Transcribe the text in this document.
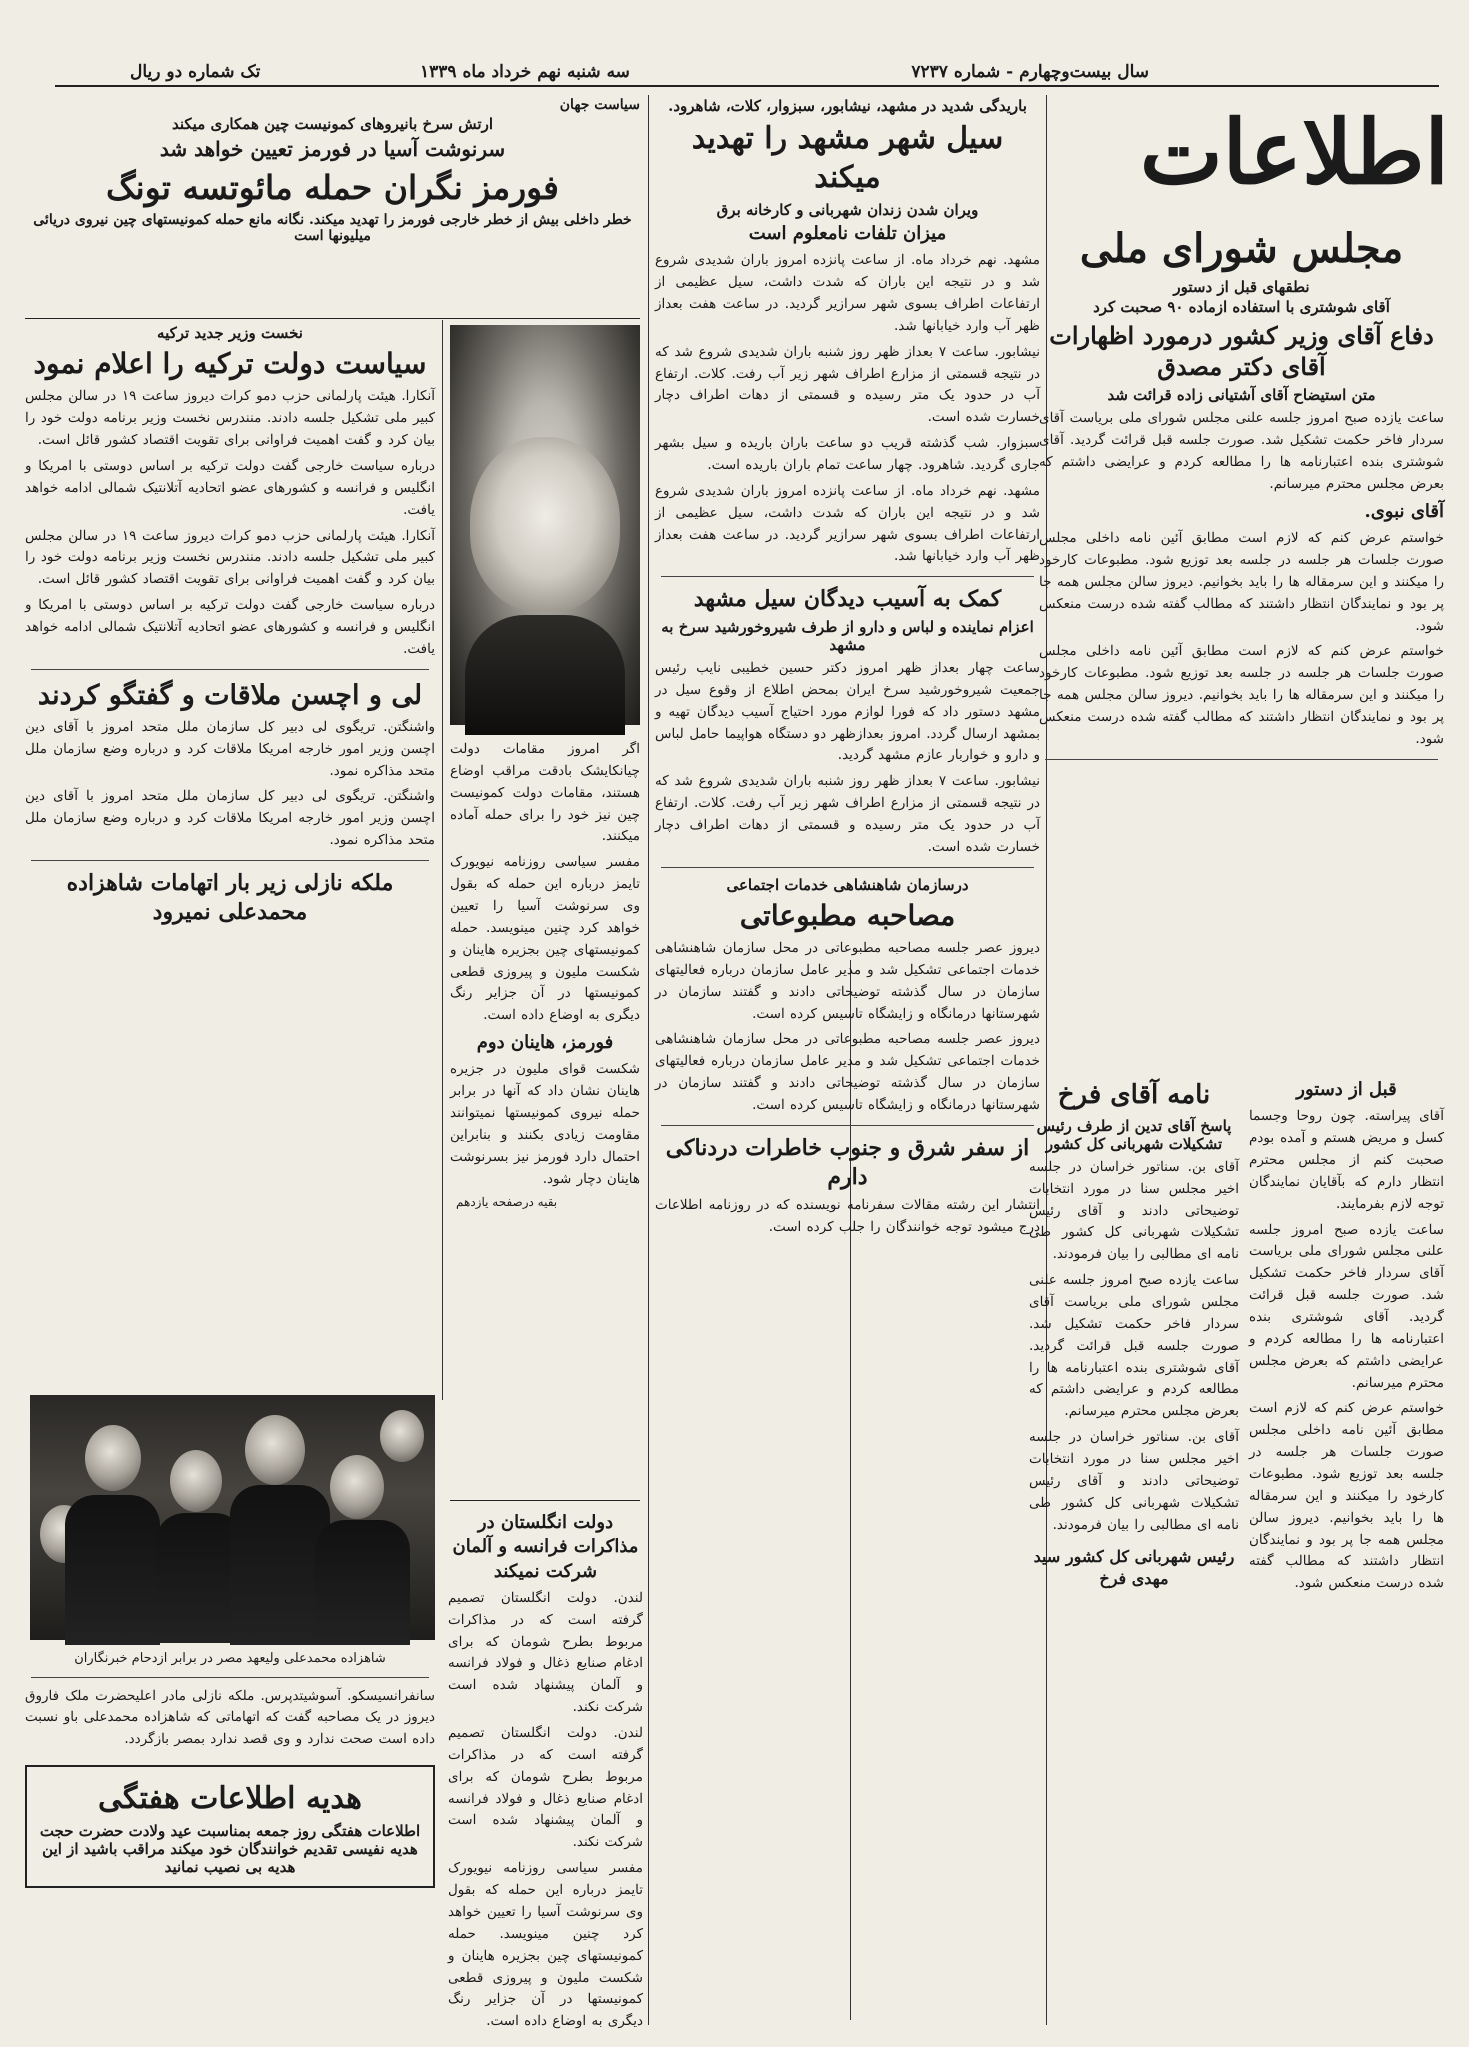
سال بیست‌وچهارم - شماره ۷۲۳۷
سه شنبه نهم خرداد ماه ۱۳۳۹
تک شماره دو ریال
اطلاعات
مجلس شورای ملی
نطقهای قبل از دستور
آقای شوشتری با استفاده ازماده ۹۰ صحبت کرد
دفاع آقای وزیر کشور درمورد اظهارات آقای دکتر مصدق
متن استیضاح آقای آشتیانی زاده قرائت شد
ساعت یازده صبح امروز جلسه علنی مجلس شورای ملی بریاست آقای سردار فاخر حکمت تشکیل شد. صورت جلسه قبل قرائت گردید. آقای شوشتری بنده اعتبارنامه ها را مطالعه کردم و عرایضی داشتم که بعرض مجلس محترم میرسانم.
آقای نبوی.
خواستم عرض کنم که لازم است مطابق آئین نامه داخلی مجلس صورت جلسات هر جلسه در جلسه بعد توزیع شود. مطبوعات کارخود را میکنند و این سرمقاله ها را باید بخوانیم. دیروز سالن مجلس همه جا پر بود و نمایندگان انتظار داشتند که مطالب گفته شده درست منعکس شود.
خواستم عرض کنم که لازم است مطابق آئین نامه داخلی مجلس صورت جلسات هر جلسه در جلسه بعد توزیع شود. مطبوعات کارخود را میکنند و این سرمقاله ها را باید بخوانیم. دیروز سالن مجلس همه جا پر بود و نمایندگان انتظار داشتند که مطالب گفته شده درست منعکس شود.
قبل از دستور
آقای پیراسته. چون روحا وجسما کسل و مریض هستم و آمده بودم صحبت کنم از مجلس محترم انتظار دارم که بآقایان نمایندگان توجه لازم بفرمایند.
ساعت یازده صبح امروز جلسه علنی مجلس شورای ملی بریاست آقای سردار فاخر حکمت تشکیل شد. صورت جلسه قبل قرائت گردید. آقای شوشتری بنده اعتبارنامه ها را مطالعه کردم و عرایضی داشتم که بعرض مجلس محترم میرسانم.
خواستم عرض کنم که لازم است مطابق آئین نامه داخلی مجلس صورت جلسات هر جلسه در جلسه بعد توزیع شود. مطبوعات کارخود را میکنند و این سرمقاله ها را باید بخوانیم. دیروز سالن مجلس همه جا پر بود و نمایندگان انتظار داشتند که مطالب گفته شده درست منعکس شود.
نامه آقای فرخ
پاسخ آقای تدین از طرف رئیس تشکیلات شهربانی کل کشور
آقای بن. سناتور خراسان در جلسه اخیر مجلس سنا در مورد انتخابات توضیحاتی دادند و آقای رئیس تشکیلات شهربانی کل کشور طی نامه ای مطالبی را بیان فرمودند.
ساعت یازده صبح امروز جلسه علنی مجلس شورای ملی بریاست آقای سردار فاخر حکمت تشکیل شد. صورت جلسه قبل قرائت گردید. آقای شوشتری بنده اعتبارنامه ها را مطالعه کردم و عرایضی داشتم که بعرض مجلس محترم میرسانم.
آقای بن. سناتور خراسان در جلسه اخیر مجلس سنا در مورد انتخابات توضیحاتی دادند و آقای رئیس تشکیلات شهربانی کل کشور طی نامه ای مطالبی را بیان فرمودند.
رئیس شهربانی کل کشور سید مهدی فرخ
باریدگی شدید در مشهد، نیشابور، سبزوار، کلات، شاهرود.
سیل شهر مشهد را تهدید میکند
ویران شدن زندان شهربانی و کارخانه برق
میزان تلفات نامعلوم است
مشهد. نهم خرداد ماه. از ساعت پانزده امروز باران شدیدی شروع شد و در نتیجه این باران که شدت داشت، سیل عظیمی از ارتفاعات اطراف بسوی شهر سرازیر گردید. در ساعت هفت بعداز ظهر آب وارد خیابانها شد.
نیشابور. ساعت ۷ بعداز ظهر روز شنبه باران شدیدی شروع شد که در نتیجه قسمتی از مزارع اطراف شهر زیر آب رفت. کلات. ارتفاع آب در حدود یک متر رسیده و قسمتی از دهات اطراف دچار خسارت شده است.
سبزوار. شب گذشته قریب دو ساعت باران باریده و سیل بشهر جاری گردید. شاهرود. چهار ساعت تمام باران باریده است.
مشهد. نهم خرداد ماه. از ساعت پانزده امروز باران شدیدی شروع شد و در نتیجه این باران که شدت داشت، سیل عظیمی از ارتفاعات اطراف بسوی شهر سرازیر گردید. در ساعت هفت بعداز ظهر آب وارد خیابانها شد.
کمک به آسیب دیدگان سیل مشهد
اعزام نماینده و لباس و دارو از طرف شیروخورشید سرخ به مشهد
ساعت چهار بعداز ظهر امروز دکتر حسین خطیبی نایب رئیس جمعیت شیروخورشید سرخ ایران بمحض اطلاع از وقوع سیل در مشهد دستور داد که فورا لوازم مورد احتیاج آسیب دیدگان تهیه و بمشهد ارسال گردد. امروز بعدازظهر دو دستگاه هواپیما حامل لباس و دارو و خواربار عازم مشهد گردید.
نیشابور. ساعت ۷ بعداز ظهر روز شنبه باران شدیدی شروع شد که در نتیجه قسمتی از مزارع اطراف شهر زیر آب رفت. کلات. ارتفاع آب در حدود یک متر رسیده و قسمتی از دهات اطراف دچار خسارت شده است.
درسازمان شاهنشاهی خدمات اجتماعی
مصاحبه مطبوعاتی
دیروز عصر جلسه مصاحبه مطبوعاتی در محل سازمان شاهنشاهی خدمات اجتماعی تشکیل شد و مدیر عامل سازمان درباره فعالیتهای سازمان در سال گذشته توضیحاتی دادند و گفتند سازمان در شهرستانها درمانگاه و زایشگاه تاسیس کرده است.
دیروز عصر جلسه مصاحبه مطبوعاتی در محل سازمان شاهنشاهی خدمات اجتماعی تشکیل شد و مدیر عامل سازمان درباره فعالیتهای سازمان در سال گذشته توضیحاتی دادند و گفتند سازمان در شهرستانها درمانگاه و زایشگاه تاسیس کرده است.
از سفر شرق و جنوب خاطرات دردناکی دارم
انتشار این رشته مقالات سفرنامه نویسنده که در روزنامه اطلاعات درج میشود توجه خوانندگان را جلب کرده است.
سیاست جهان
ارتش سرخ بانیروهای کمونیست چین همکاری میکند
سرنوشت آسیا در فورمز تعیین خواهد شد
فورمز نگران حمله مائوتسه تونگ
خطر داخلی بیش از خطر خارجی فورمز را تهدید میکند. نگانه مانع حمله کمونیستهای چین نیروی دریائی میلیونها است
نخست وزیر جدید ترکیه
سیاست دولت ترکیه را اعلام نمود
آنکارا. هیئت پارلمانی حزب دمو کرات دیروز ساعت ۱۹ در سالن مجلس کبیر ملی تشکیل جلسه دادند. منندرس نخست وزیر برنامه دولت خود را بیان کرد و گفت اهمیت فراوانی برای تقویت اقتصاد کشور قائل است.
درباره سیاست خارجی گفت دولت ترکیه بر اساس دوستی با امریکا و انگلیس و فرانسه و کشورهای عضو اتحادیه آتلانتیک شمالی ادامه خواهد یافت.
آنکارا. هیئت پارلمانی حزب دمو کرات دیروز ساعت ۱۹ در سالن مجلس کبیر ملی تشکیل جلسه دادند. منندرس نخست وزیر برنامه دولت خود را بیان کرد و گفت اهمیت فراوانی برای تقویت اقتصاد کشور قائل است.
درباره سیاست خارجی گفت دولت ترکیه بر اساس دوستی با امریکا و انگلیس و فرانسه و کشورهای عضو اتحادیه آتلانتیک شمالی ادامه خواهد یافت.
لی و اچسن ملاقات و گفتگو کردند
واشنگتن. تریگوی لی دبیر کل سازمان ملل متحد امروز با آقای دین اچسن وزیر امور خارجه امریکا ملاقات کرد و درباره وضع سازمان ملل متحد مذاکره نمود.
واشنگتن. تریگوی لی دبیر کل سازمان ملل متحد امروز با آقای دین اچسن وزیر امور خارجه امریکا ملاقات کرد و درباره وضع سازمان ملل متحد مذاکره نمود.
ملکه نازلی زیر بار اتهامات شاهزاده محمدعلی نمیرود
اگر امروز مقامات دولت چیانکایشک بادقت مراقب اوضاع هستند، مقامات دولت کمونیست چین نیز خود را برای حمله آماده میکنند.
مفسر سیاسی روزنامه نیویورک تایمز درباره این حمله که بقول وی سرنوشت آسیا را تعیین خواهد کرد چنین مینویسد. حمله کمونیستهای چین بجزیره هاینان و شکست ملیون و پیروزی قطعی کمونیستها در آن جزایر رنگ دیگری به اوضاع داده است.
فورمز، هاینان دوم
شکست قوای ملیون در جزیره هاینان نشان داد که آنها در برابر حمله نیروی کمونیستها نمیتوانند مقاومت زیادی بکنند و بنابراین احتمال دارد فورمز نیز بسرنوشت هاینان دچار شود.
بقیه درصفحه یازدهم
دولت انگلستان در مذاکرات فرانسه و آلمان شرکت نمیکند
لندن. دولت انگلستان تصمیم گرفته است که در مذاکرات مربوط بطرح شومان که برای ادغام صنایع ذغال و فولاد فرانسه و آلمان پیشنهاد شده است شرکت نکند.
لندن. دولت انگلستان تصمیم گرفته است که در مذاکرات مربوط بطرح شومان که برای ادغام صنایع ذغال و فولاد فرانسه و آلمان پیشنهاد شده است شرکت نکند.
مفسر سیاسی روزنامه نیویورک تایمز درباره این حمله که بقول وی سرنوشت آسیا را تعیین خواهد کرد چنین مینویسد. حمله کمونیستهای چین بجزیره هاینان و شکست ملیون و پیروزی قطعی کمونیستها در آن جزایر رنگ دیگری به اوضاع داده است.
شاهزاده محمدعلی ولیعهد مصر در برابر ازدحام خبرنگاران
سانفرانسیسکو. آسوشیتدپرس. ملکه نازلی مادر اعلیحضرت ملک فاروق دیروز در یک مصاحبه گفت که اتهاماتی که شاهزاده محمدعلی باو نسبت داده است صحت ندارد و وی قصد ندارد بمصر بازگردد.
هدیه اطلاعات هفتگی
اطلاعات هفتگی روز جمعه بمناسبت عید ولادت حضرت حجت هدیه نفیسی تقدیم خوانندگان خود میکند مراقب باشید از این هدیه بی نصیب نمانید
